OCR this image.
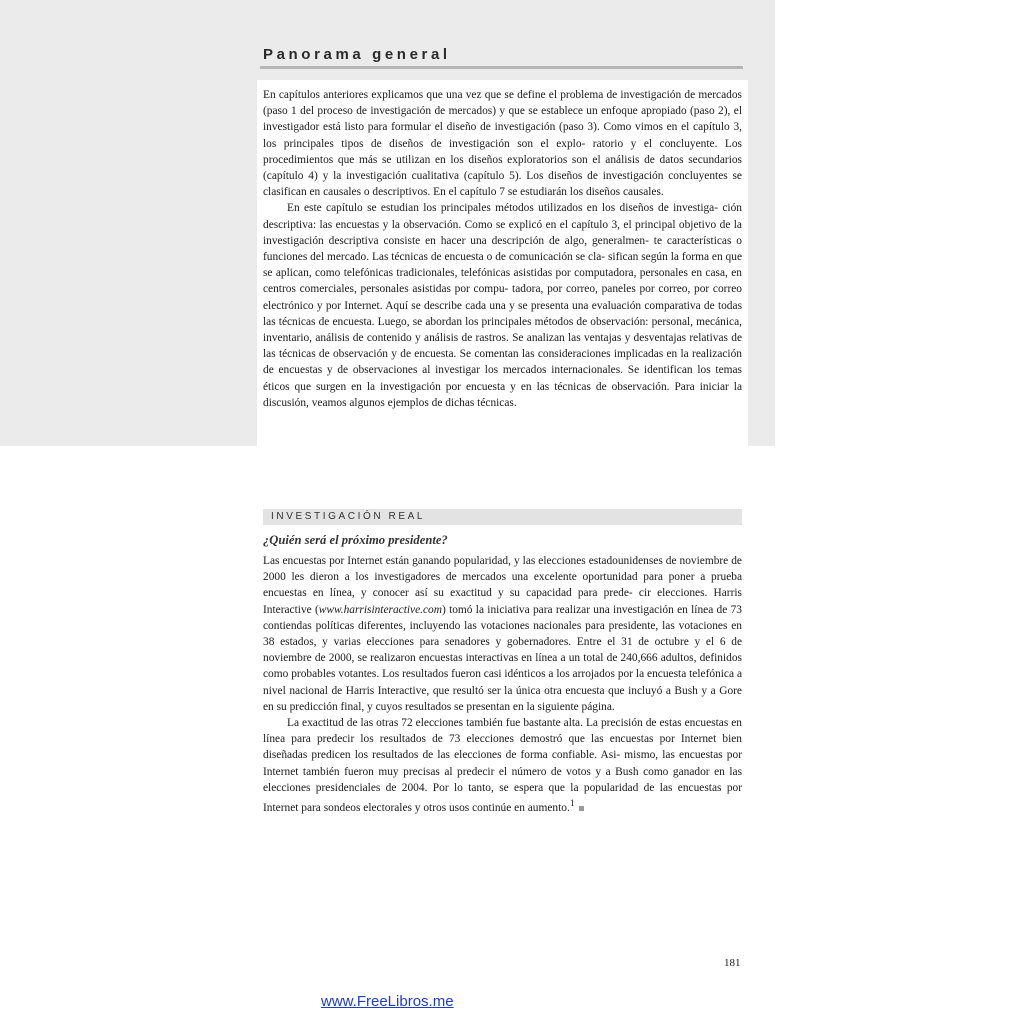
Panorama general

En capítulos anteriores explicamos que una vez que se define el problema de investigación de mercados (paso 1 del proceso de investigación de mercados) y que se establece un enfoque apropiado (paso 2), el investigador está listo para formular el diseño de investigación (paso 3). Como vimos en el capítulo 3, los principales tipos de diseños de investigación son el explo- ratorio y el concluyente. Los procedimientos que más se utilizan en los diseños exploratorios son el análisis de datos secundarios (capítulo 4) y la investigación cualitativa (capítulo 5). Los diseños de investigación concluyentes se clasifican en causales o descriptivos. En el capítulo 7 se estudiarán los diseños causales.

En este capítulo se estudian los principales métodos utilizados en los diseños de investiga- ción descriptiva: las encuestas y la observación. Como se explicó en el capítulo 3, el principal objetivo de la investigación descriptiva consiste en hacer una descripción de algo, generalmen- te características o funciones del mercado. Las técnicas de encuesta o de comunicación se cla- sifican según la forma en que se aplican, como telefónicas tradicionales, telefónicas asistidas por computadora, personales en casa, en centros comerciales, personales asistidas por compu- tadora, por correo, paneles por correo, por correo electrónico y por Internet. Aquí se describe cada una y se presenta una evaluación comparativa de todas las técnicas de encuesta. Luego, se abordan los principales métodos de observación: personal, mecánica, inventario, análisis de contenido y análisis de rastros. Se analizan las ventajas y desventajas relativas de las técnicas de observación y de encuesta. Se comentan las consideraciones implicadas en la realización de encuestas y de observaciones al investigar los mercados internacionales. Se identifican los temas éticos que surgen en la investigación por encuesta y en las técnicas de observación. Para iniciar la discusión, veamos algunos ejemplos de dichas técnicas.

INVESTIGACIÓN REAL
¿Quién será el próximo presidente?

Las encuestas por Internet están ganando popularidad, y las elecciones estadounidenses de noviembre de 2000 les dieron a los investigadores de mercados una excelente oportunidad para poner a prueba encuestas en línea, y conocer así su exactitud y su capacidad para prede- cir elecciones. Harris Interactive (www.harrisinteractive.com) tomó la iniciativa para realizar una investigación en línea de 73 contiendas políticas diferentes, incluyendo las votaciones nacionales para presidente, las votaciones en 38 estados, y varias elecciones para senadores y gobernadores. Entre el 31 de octubre y el 6 de noviembre de 2000, se realizaron encuestas interactivas en línea a un total de 240,666 adultos, definidos como probables votantes. Los resultados fueron casi idénticos a los arrojados por la encuesta telefónica a nivel nacional de Harris Interactive, que resultó ser la única otra encuesta que incluyó a Bush y a Gore en su predicción final, y cuyos resultados se presentan en la siguiente página.

La exactitud de las otras 72 elecciones también fue bastante alta. La precisión de estas encuestas en línea para predecir los resultados de 73 elecciones demostró que las encuestas por Internet bien diseñadas predicen los resultados de las elecciones de forma confiable. Asi- mismo, las encuestas por Internet también fueron muy precisas al predecir el número de votos y a Bush como ganador en las elecciones presidenciales de 2004. Por lo tanto, se espera que la popularidad de las encuestas por Internet para sondeos electorales y otros usos continúe en aumento.$^1$

181
www.FreeLibros.me
